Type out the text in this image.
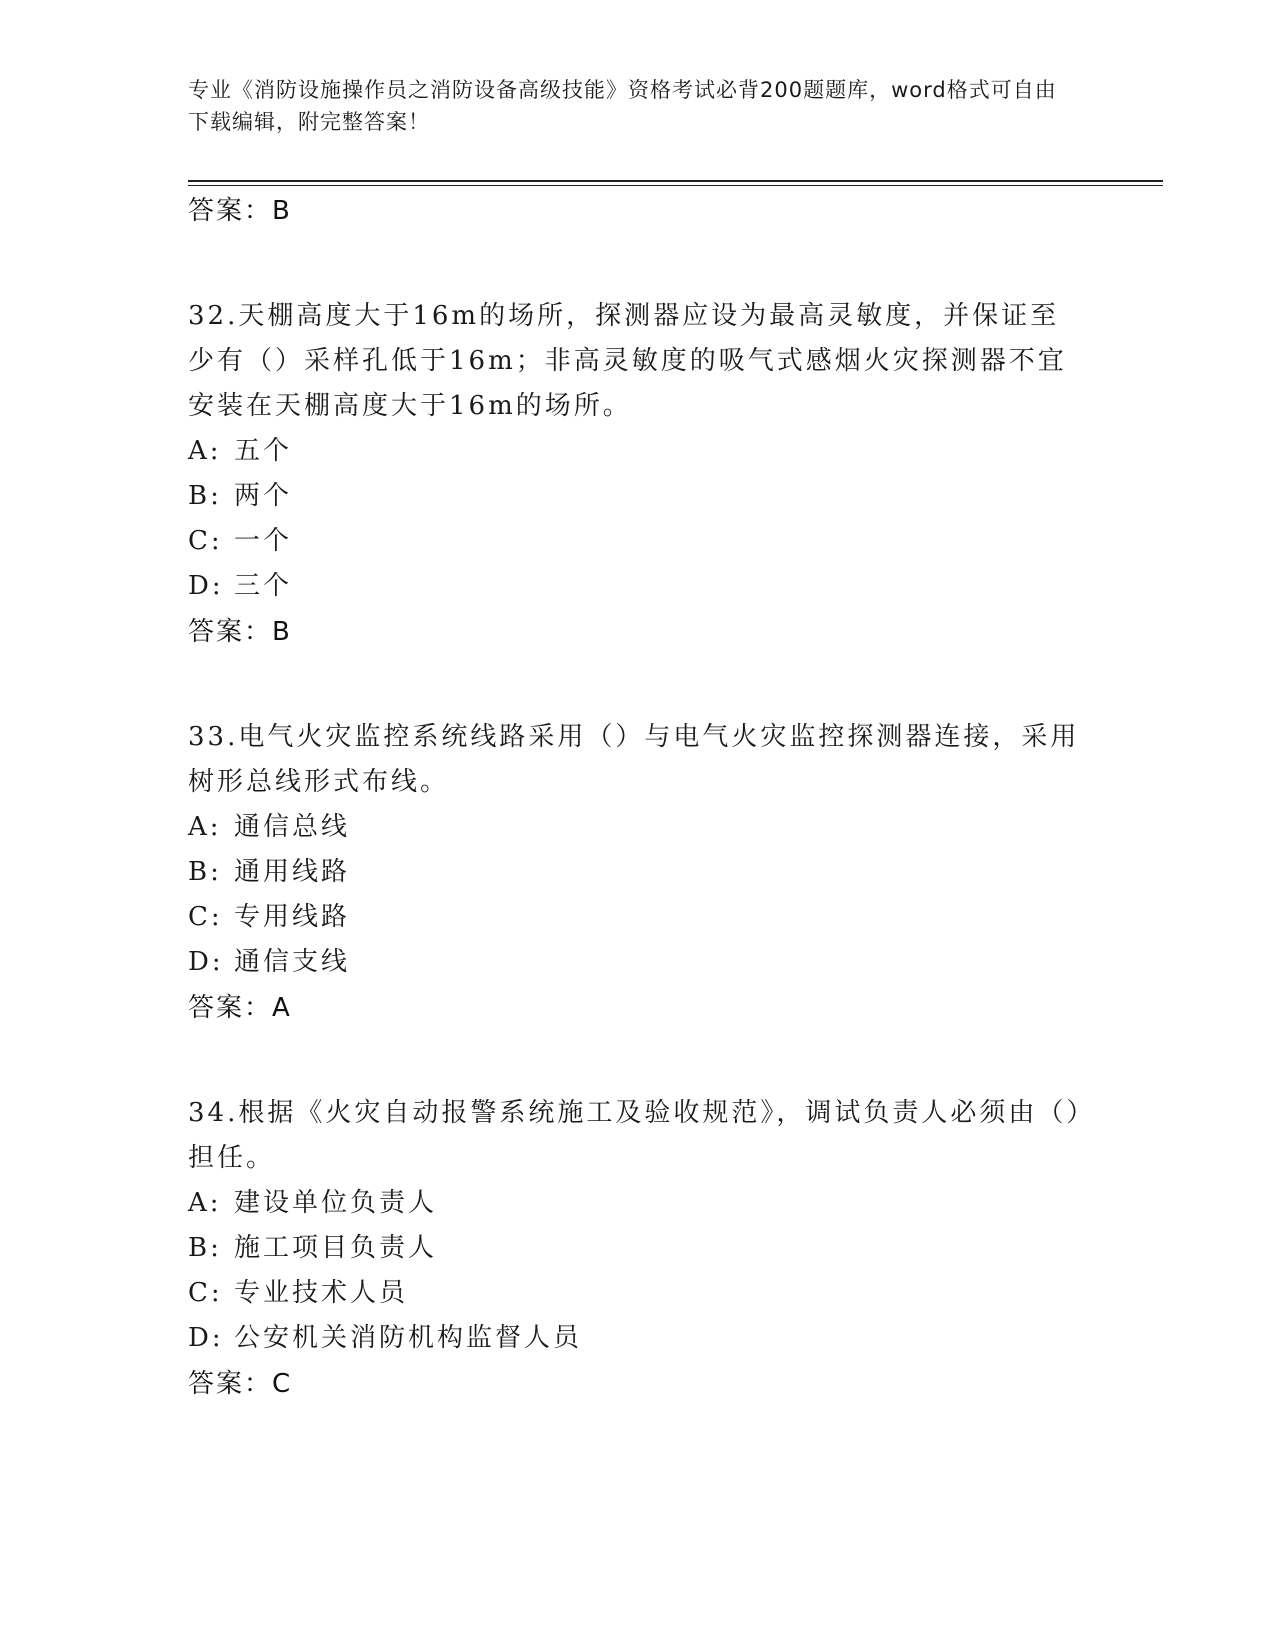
专业《消防设施操作员之消防设备高级技能》资格考试必背200题题库，word格式可自由下载编辑，附完整答案！
答案：B
32.天棚高度大于16m的场所，探测器应设为最高灵敏度，并保证至少有（）采样孔低于16m；非高灵敏度的吸气式感烟火灾探测器不宜安装在天棚高度大于16m的场所。
A: 五个
B: 两个
C: 一个
D: 三个
答案：B
33.电气火灾监控系统线路采用（）与电气火灾监控探测器连接，采用树形总线形式布线。
A: 通信总线
B: 通用线路
C: 专用线路
D: 通信支线
答案：A
34.根据《火灾自动报警系统施工及验收规范》，调试负责人必须由（）担任。
A: 建设单位负责人
B: 施工项目负责人
C: 专业技术人员
D: 公安机关消防机构监督人员
答案：C
